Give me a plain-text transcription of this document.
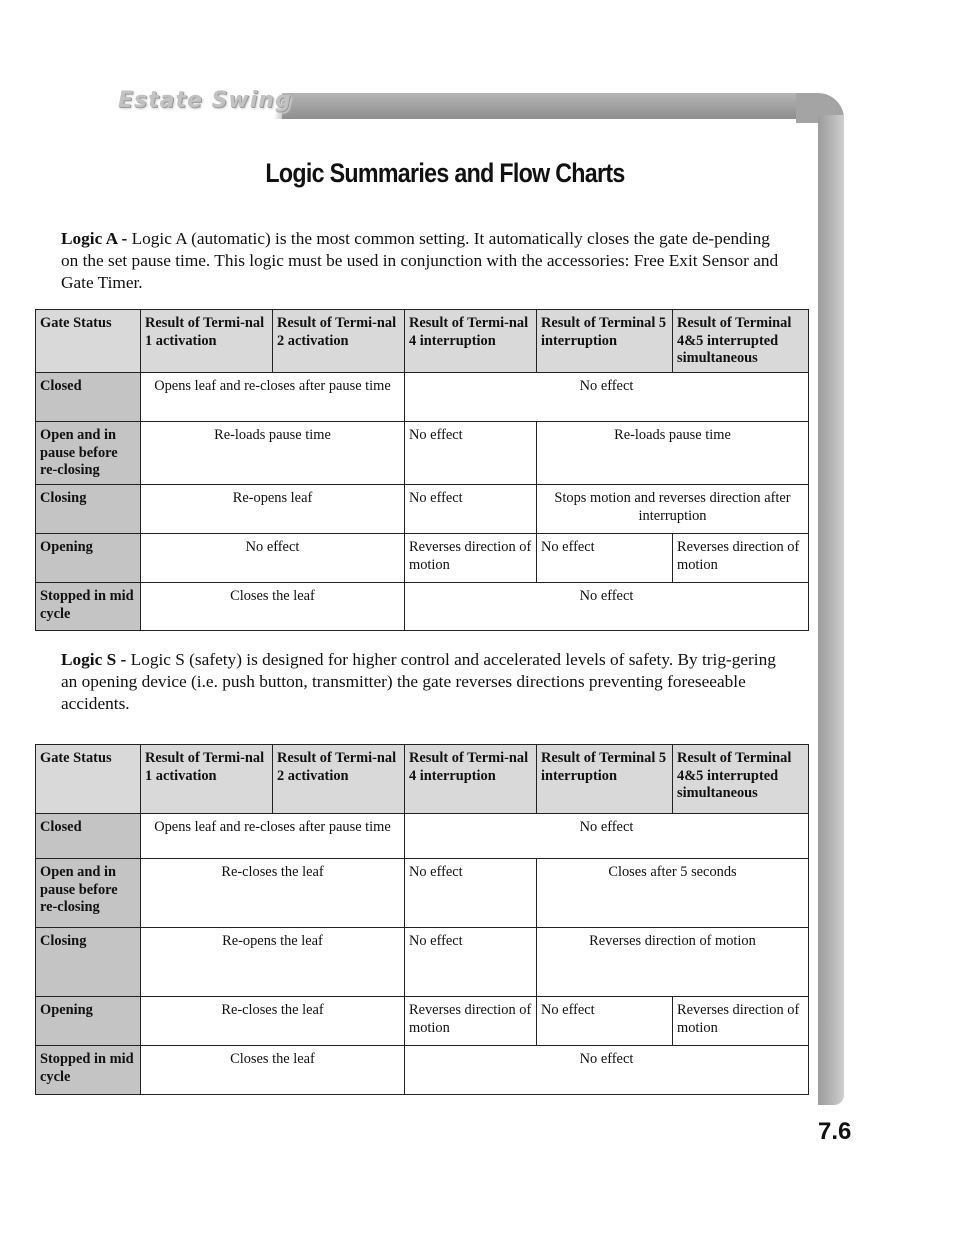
Estate Swing
Logic Summaries and Flow Charts

Logic A - Logic A (automatic) is the most common setting. It automatically closes the gate de-pending on the set pause time. This logic must be used in conjunction with the accessories: Free Exit Sensor and Gate Timer.

Gate Status	Result of Termi-nal 1 activation	Result of Termi-nal 2 activation	Result of Termi-nal 4 interruption	Result of Terminal 5 interruption	Result of Terminal 4&5 interrupted simultaneous
Closed	Opens leaf and re-closes after pause time		No effect		
Open and in pause before re-closing	Re-loads pause time		No effect	Re-loads pause time	
Closing	Re-opens leaf		No effect	Stops motion and reverses direction after interruption	
Opening	No effect		Reverses direction of motion	No effect	Reverses direction of motion
Stopped in mid cycle	Closes the leaf		No effect		

Logic S - Logic S (safety) is designed for higher control and accelerated levels of safety. By trig-gering an opening device (i.e. push button, transmitter) the gate reverses directions preventing foreseeable accidents.

Gate Status	Result of Termi-nal 1 activation	Result of Termi-nal 2 activation	Result of Termi-nal 4 interruption	Result of Terminal 5 interruption	Result of Terminal 4&5 interrupted simultaneous
Closed	Opens leaf and re-closes after pause time		No effect		
Open and in pause before re-closing	Re-closes the leaf		No effect	Closes after 5 seconds	
Closing	Re-opens the leaf		No effect	Reverses direction of motion	
Opening	Re-closes the leaf		Reverses direction of motion	No effect	Reverses direction of motion
Stopped in mid cycle	Closes the leaf		No effect		
7.6
